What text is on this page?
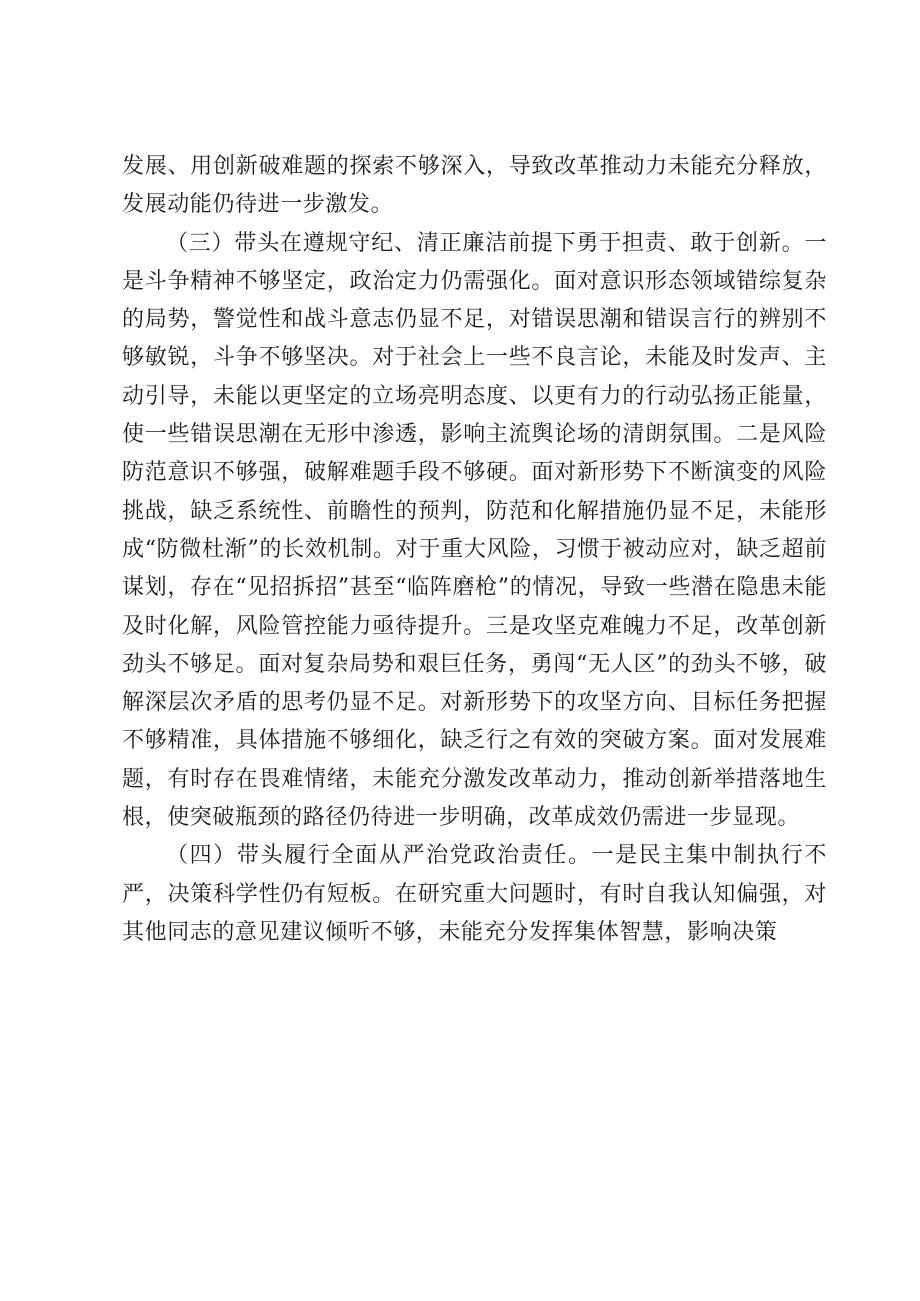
发展、用创新破难题的探索不够深入，导致改革推动力未能充分释放，发展动能仍待进一步激发。

（三）带头在遵规守纪、清正廉洁前提下勇于担责、敢于创新。一是斗争精神不够坚定，政治定力仍需强化。面对意识形态领域错综复杂的局势，警觉性和战斗意志仍显不足，对错误思潮和错误言行的辨别不够敏锐，斗争不够坚决。对于社会上一些不良言论，未能及时发声、主动引导，未能以更坚定的立场亮明态度、以更有力的行动弘扬正能量，使一些错误思潮在无形中渗透，影响主流舆论场的清朗氛围。二是风险防范意识不够强，破解难题手段不够硬。面对新形势下不断演变的风险挑战，缺乏系统性、前瞻性的预判，防范和化解措施仍显不足，未能形成“防微杜渐”的长效机制。对于重大风险，习惯于被动应对，缺乏超前谋划，存在“见招拆招”甚至“临阵磨枪”的情况，导致一些潜在隐患未能及时化解，风险管控能力亟待提升。三是攻坚克难魄力不足，改革创新劲头不够足。面对复杂局势和艰巨任务，勇闯“无人区”的劲头不够，破解深层次矛盾的思考仍显不足。对新形势下的攻坚方向、目标任务把握不够精准，具体措施不够细化，缺乏行之有效的突破方案。面对发展难题，有时存在畏难情绪，未能充分激发改革动力，推动创新举措落地生根，使突破瓶颈的路径仍待进一步明确，改革成效仍需进一步显现。

（四）带头履行全面从严治党政治责任。一是民主集中制执行不严，决策科学性仍有短板。在研究重大问题时，有时自我认知偏强，对其他同志的意见建议倾听不够，未能充分发挥集体智慧，影响决策
